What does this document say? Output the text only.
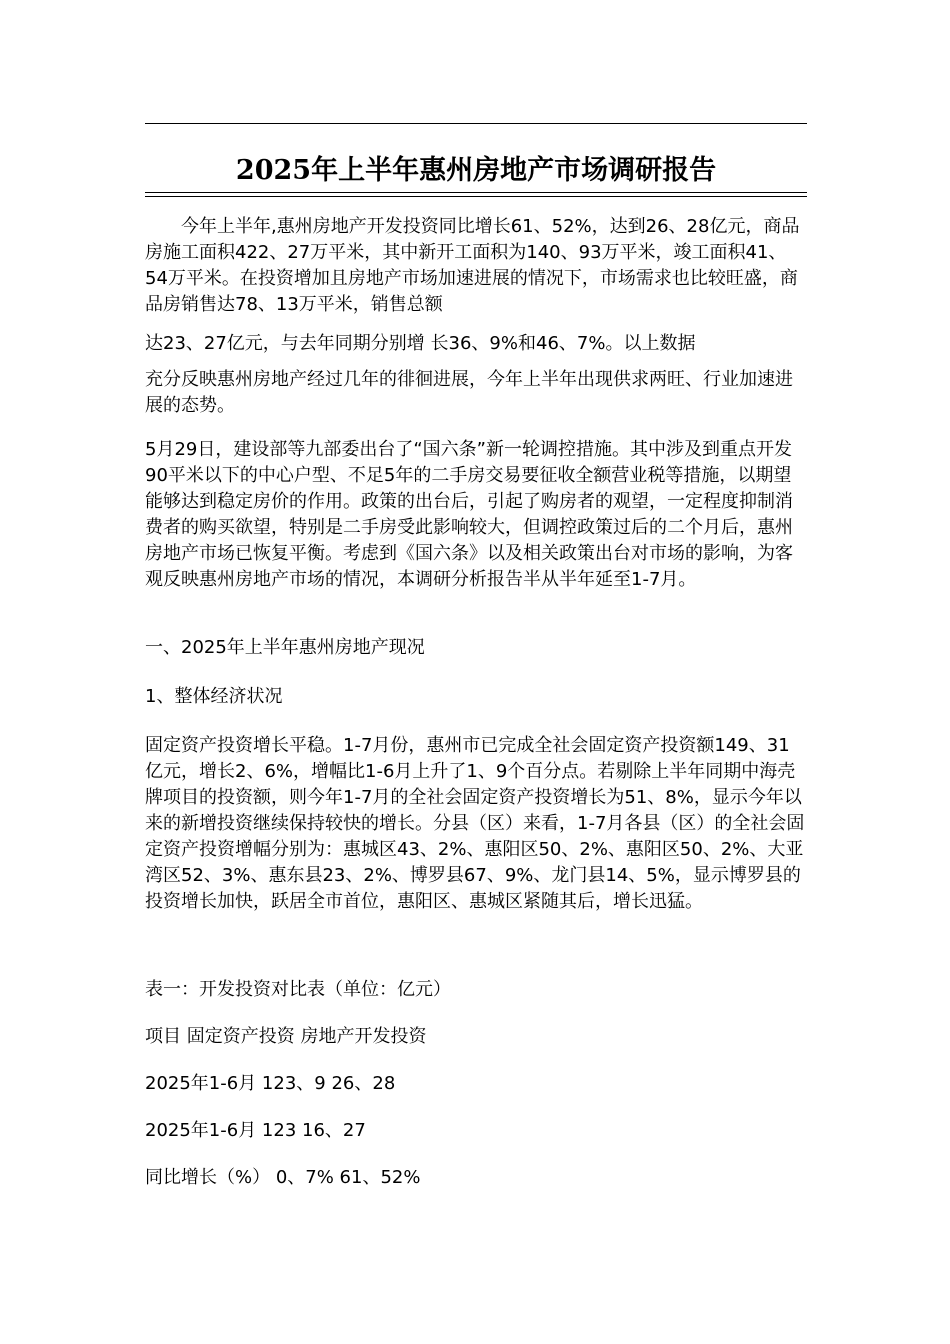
2025年上半年惠州房地产市场调研报告

今年上半年,惠州房地产开发投资同比增长61、52%，达到26、28亿元，商品房施工面积422、27万平米，其中新开工面积为140、93万平米，竣工面积41、54万平米。在投资增加且房地产市场加速进展的情况下，市场需求也比较旺盛，商品房销售达78、13万平米，销售总额

达23、27亿元，与去年同期分别增 长36、9%和46、7%。以上数据

充分反映惠州房地产经过几年的徘徊进展，今年上半年出现供求两旺、行业加速进展的态势。

5月29日，建设部等九部委出台了“国六条”新一轮调控措施。其中涉及到重点开发90平米以下的中心户型、不足5年的二手房交易要征收全额营业税等措施，以期望能够达到稳定房价的作用。政策的出台后，引起了购房者的观望，一定程度抑制消费者的购买欲望，特别是二手房受此影响较大，但调控政策过后的二个月后，惠州房地产市场已恢复平衡。考虑到《国六条》以及相关政策出台对市场的影响，为客观反映惠州房地产市场的情况，本调研分析报告半从半年延至1-7月。

一、2025年上半年惠州房地产现况

1、整体经济状况

固定资产投资增长平稳。1-7月份，惠州市已完成全社会固定资产投资额149、31亿元，增长2、6%，增幅比1-6月上升了1、9个百分点。若剔除上半年同期中海壳牌项目的投资额，则今年1-7月的全社会固定资产投资增长为51、8%，显示今年以来的新增投资继续保持较快的增长。分县（区）来看，1-7月各县（区）的全社会固定资产投资增幅分别为：惠城区43、2%、惠阳区50、2%、惠阳区50、2%、大亚湾区52、3%、惠东县23、2%、博罗县67、9%、龙门县14、5%，显示博罗县的投资增长加快，跃居全市首位，惠阳区、惠城区紧随其后，增长迅猛。

表一：开发投资对比表（单位：亿元）

项目 固定资产投资 房地产开发投资

2025年1-6月 123、9 26、28

2025年1-6月 123 16、27

同比增长（%） 0、7% 61、52%
